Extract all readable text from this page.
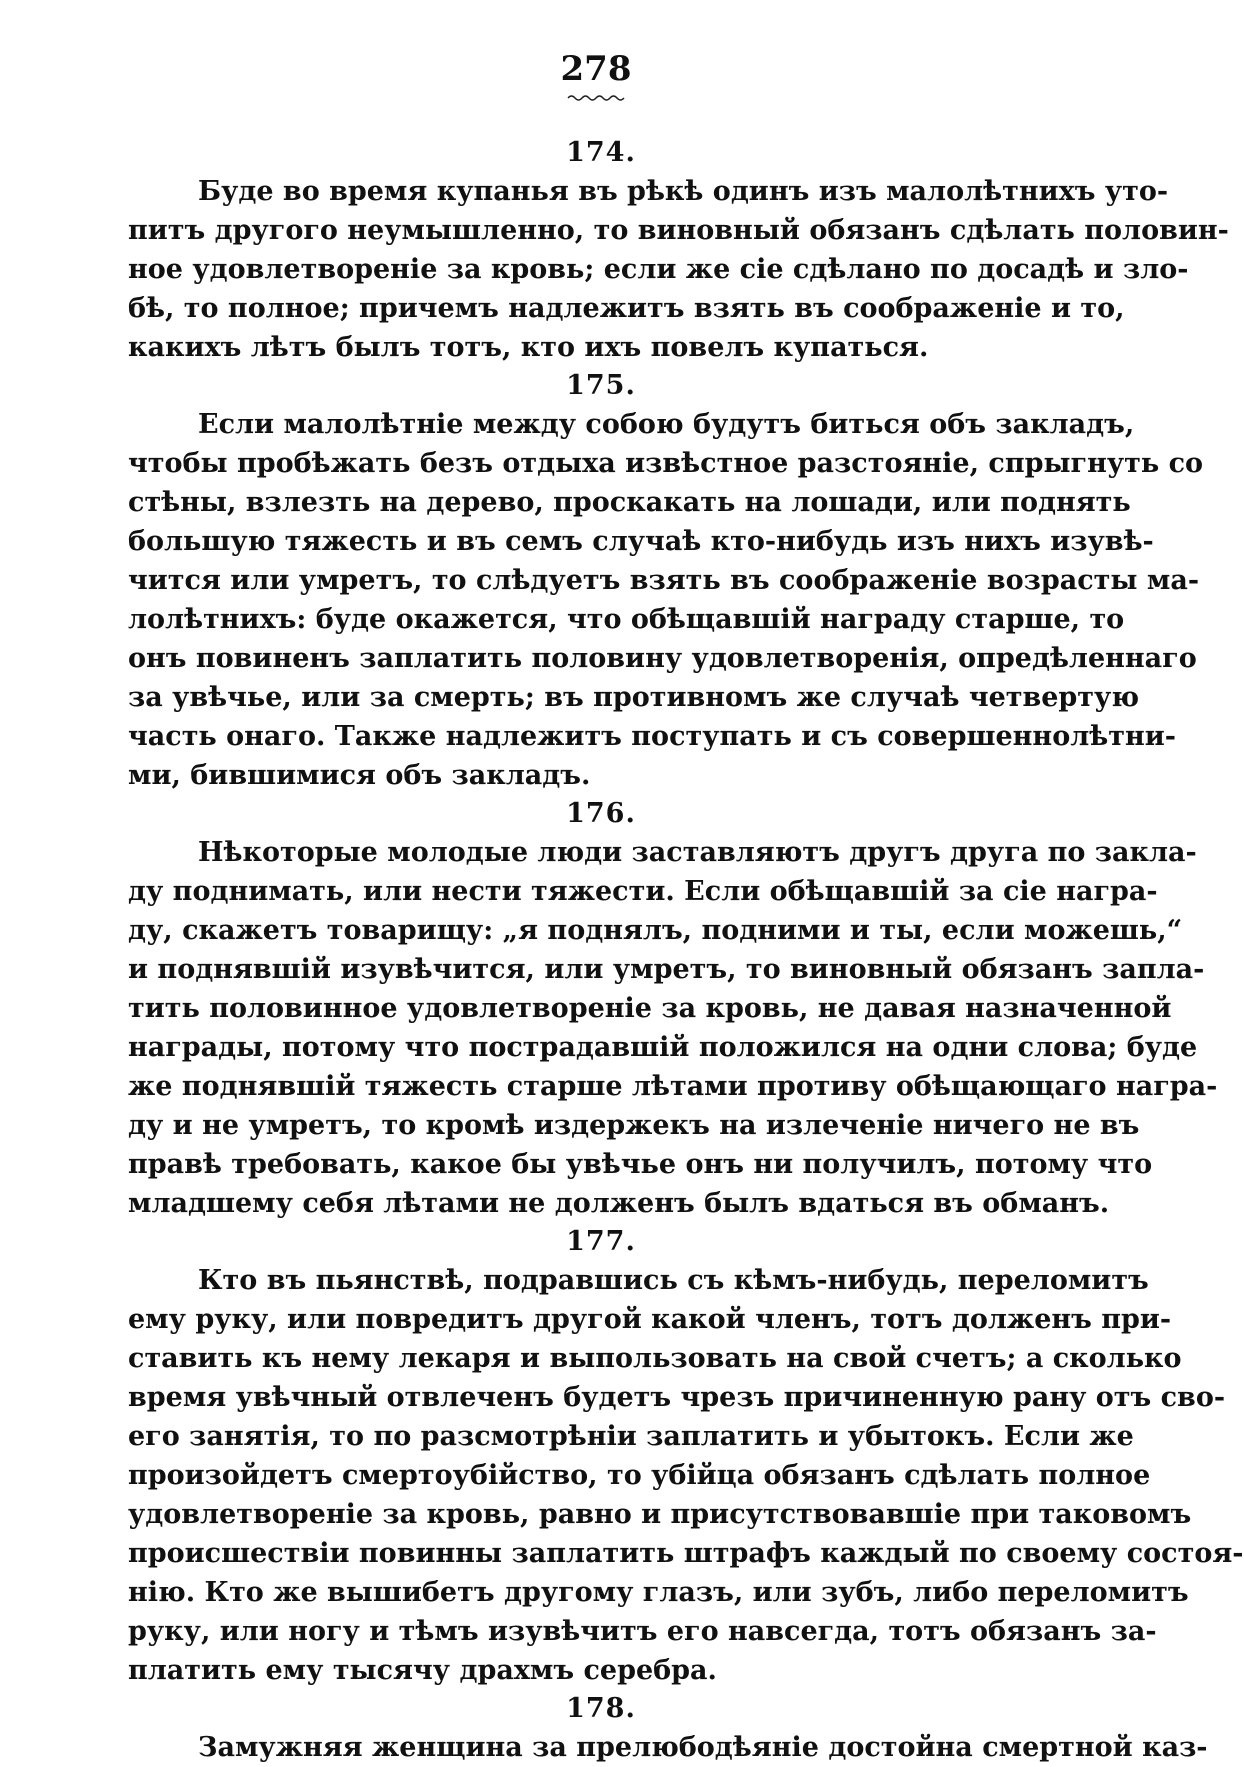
278
174.
Буде во время купанья въ рѣкѣ одинъ изъ малолѣтнихъ уто-
питъ другого неумышленно, то виновный обязанъ сдѣлать половин-
ное удовлетвореніе за кровь; если же сіе сдѣлано по досадѣ и зло-
бѣ, то полное; причемъ надлежитъ взять въ соображеніе и то,
какихъ лѣтъ былъ тотъ, кто ихъ повелъ купаться.
175.
Если малолѣтніе между собою будутъ биться объ закладъ,
чтобы пробѣжать безъ отдыха извѣстное разстояніе, спрыгнуть со
стѣны, взлезть на дерево, проскакать на лошади, или поднять
большую тяжесть и въ семъ случаѣ кто-нибудь изъ нихъ изувѣ-
чится или умретъ, то слѣдуетъ взять въ соображеніе возрасты ма-
лолѣтнихъ: буде окажется, что обѣщавшій награду старше, то
онъ повиненъ заплатить половину удовлетворенія, опредѣленнаго
за увѣчье, или за смерть; въ противномъ же случаѣ четвертую
часть онаго. Также надлежитъ поступать и съ совершеннолѣтни-
ми, бившимися объ закладъ.
176.
Нѣкоторые молодые люди заставляютъ другъ друга по закла-
ду поднимать, или нести тяжести. Если обѣщавшій за сіе награ-
ду, скажетъ товарищу: „я поднялъ, подними и ты, если можешь,“
и поднявшій изувѣчится, или умретъ, то виновный обязанъ запла-
тить половинное удовлетвореніе за кровь, не давая назначенной
награды, потому что пострадавшій положился на одни слова; буде
же поднявшій тяжесть старше лѣтами противу обѣщающаго награ-
ду и не умретъ, то кромѣ издержекъ на излеченіе ничего не въ
правѣ требовать, какое бы увѣчье онъ ни получилъ, потому что
младшему себя лѣтами не долженъ былъ вдаться въ обманъ.
177.
Кто въ пьянствѣ, подравшись съ кѣмъ-нибудь, переломитъ
ему руку, или повредитъ другой какой членъ, тотъ долженъ при-
ставить къ нему лекаря и выпользовать на свой счетъ; а сколько
время увѣчный отвлеченъ будетъ чрезъ причиненную рану отъ сво-
его занятія, то по разсмотрѣніи заплатить и убытокъ. Если же
произойдетъ смертоубійство, то убійца обязанъ сдѣлать полное
удовлетвореніе за кровь, равно и присутствовавшіе при таковомъ
происшествіи повинны заплатить штрафъ каждый по своему состоя-
нію. Кто же вышибетъ другому глазъ, или зубъ, либо переломитъ
руку, или ногу и тѣмъ изувѣчитъ его навсегда, тотъ обязанъ за-
платить ему тысячу драхмъ серебра.
178.
Замужняя женщина за прелюбодѣяніе достойна смертной каз-
